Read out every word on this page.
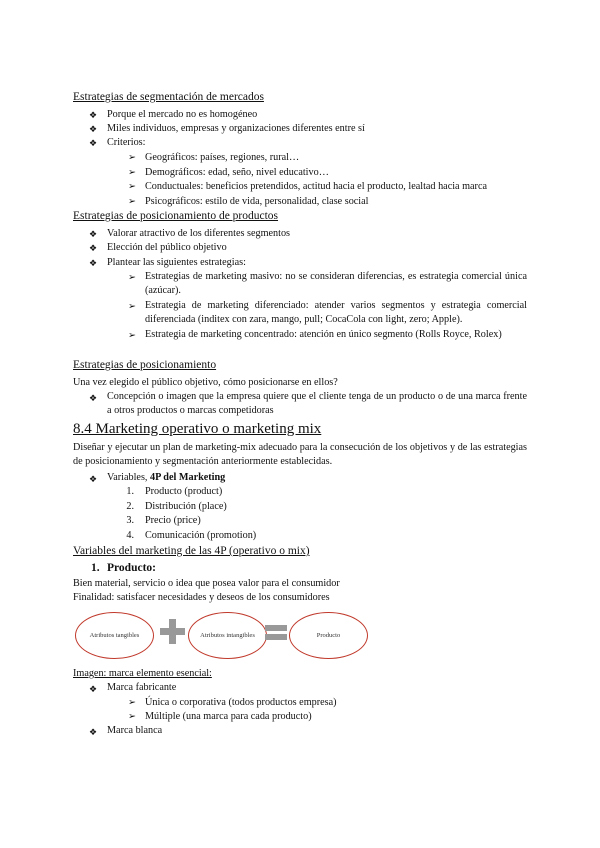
Estrategias de segmentación de mercados
❖ Porque el mercado no es homogéneo
❖ Miles individuos, empresas y organizaciones diferentes entre sí
❖ Criterios:
➢ Geográficos: países, regiones, rural…
➢ Demográficos: edad, seño, nivel educativo…
➢ Conductuales: beneficios pretendidos, actitud hacia el producto, lealtad hacia marca
➢ Psicográficos: estilo de vida, personalidad, clase social
Estrategias de posicionamiento de productos
❖ Valorar atractivo de los diferentes segmentos
❖ Elección del público objetivo
❖ Plantear las siguientes estrategias:
➢ Estrategias de marketing masivo: no se consideran diferencias, es estrategia comercial única (azúcar).
➢ Estrategia de marketing diferenciado: atender varios segmentos y estrategia comercial diferenciada (inditex con zara, mango, pull; CocaCola con light, zero; Apple).
➢ Estrategia de marketing concentrado: atención en único segmento (Rolls Royce, Rolex)
Estrategias de posicionamiento
Una vez elegido el público objetivo, cómo posicionarse en ellos?
❖ Concepción o imagen que la empresa quiere que el cliente tenga de un producto o de una marca frente a otros productos o marcas competidoras
8.4 Marketing operativo o marketing mix
Diseñar y ejecutar un plan de marketing-mix adecuado para la consecución de los objetivos y de las estrategias de posicionamiento y segmentación anteriormente establecidas.
❖ Variables, 4P del Marketing
1. Producto (product)
2. Distribución (place)
3. Precio (price)
4. Comunicación (promotion)
Variables del marketing de las 4P (operativo o mix)
1. Producto:
Bien material, servicio o idea que posea valor para el consumidor
Finalidad: satisfacer necesidades y deseos de los consumidores
Atributos tangibles	Atributos intangibles	Producto
Imagen: marca elemento esencial:
❖ Marca fabricante
➢ Única o corporativa (todos productos empresa)
➢ Múltiple (una marca para cada producto)
❖ Marca blanca
